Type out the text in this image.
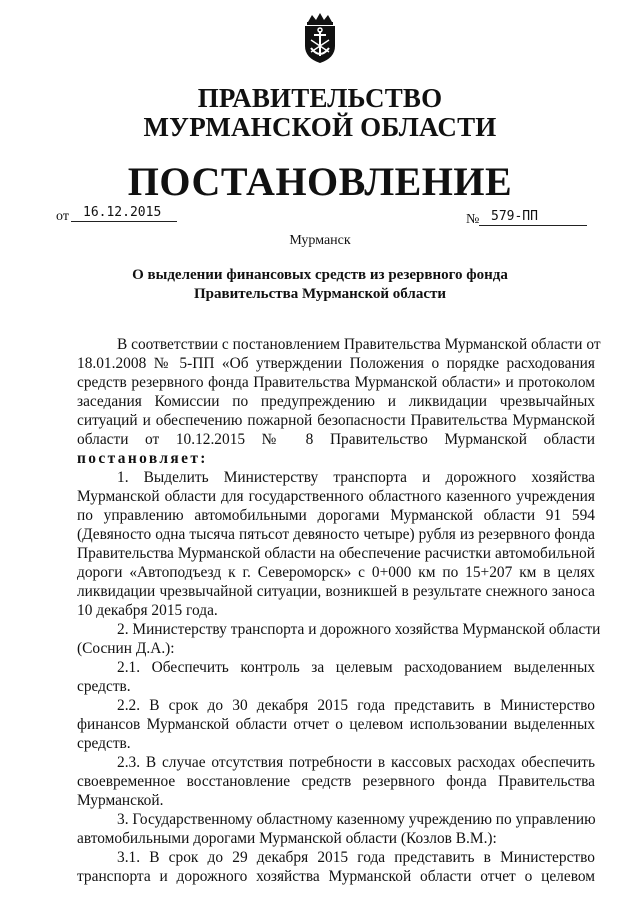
ПРАВИТЕЛЬСТВО
МУРМАНСКОЙ ОБЛАСТИ
ПОСТАНОВЛЕНИЕ
от	16.12.2015	№ 579-ПП
Мурманск
О выделении финансовых средств из резервного фонда
Правительства Мурманской области
В соответствии с постановлением Правительства Мурманской области от
18.01.2008 № 5-ПП «Об утверждении Положения о порядке расходования
средств резервного фонда Правительства Мурманской области» и протоколом
заседания Комиссии по предупреждению и ликвидации чрезвычайных
ситуаций и обеспечению пожарной безопасности Правительства Мурманской
области от 10.12.2015 № 8 Правительство Мурманской области
постановляет:
1. Выделить Министерству транспорта и дорожного хозяйства
Мурманской области для государственного областного казенного учреждения
по управлению автомобильными дорогами Мурманской области 91 594
(Девяносто одна тысяча пятьсот девяносто четыре) рубля из резервного фонда
Правительства Мурманской области на обеспечение расчистки автомобильной
дороги «Автоподъезд к г. Североморск» с 0+000 км по 15+207 км в целях
ликвидации чрезвычайной ситуации, возникшей в результате снежного заноса
10 декабря 2015 года.
2. Министерству транспорта и дорожного хозяйства Мурманской области
(Соснин Д.А.):
2.1. Обеспечить контроль за целевым расходованием выделенных
средств.
2.2. В срок до 30 декабря 2015 года представить в Министерство
финансов Мурманской области отчет о целевом использовании выделенных
средств.
2.3. В случае отсутствия потребности в кассовых расходах обеспечить
своевременное восстановление средств резервного фонда Правительства
Мурманской.
3. Государственному областному казенному учреждению по управлению
автомобильными дорогами Мурманской области (Козлов В.М.):
3.1. В срок до 29 декабря 2015 года представить в Министерство
транспорта и дорожного хозяйства Мурманской области отчет о целевом
